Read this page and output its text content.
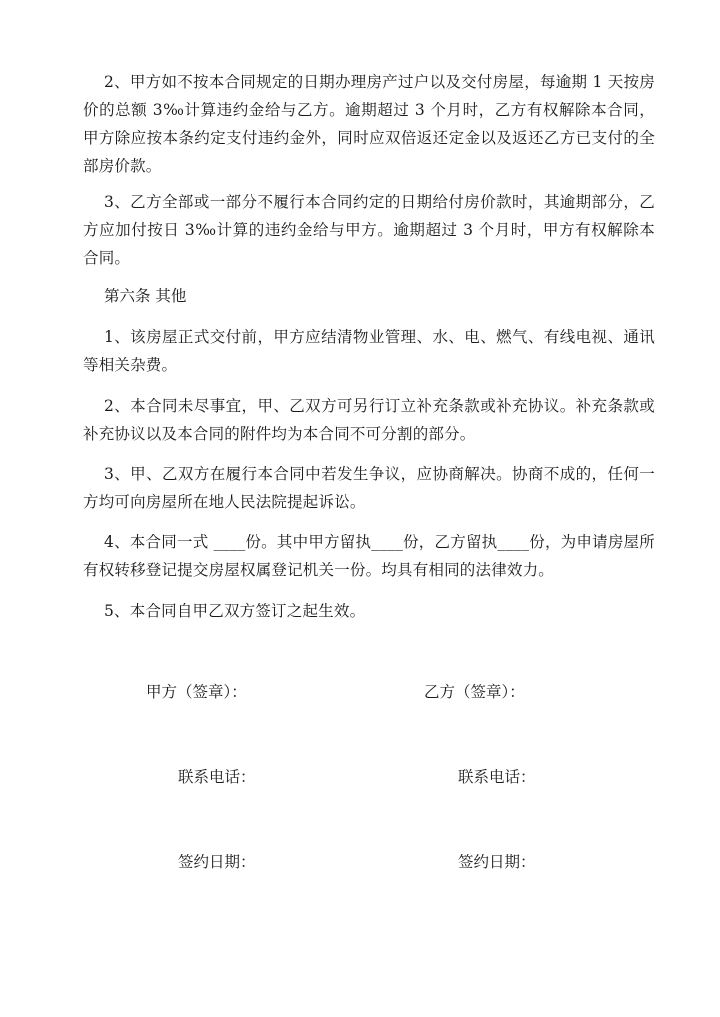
2、甲方如不按本合同规定的日期办理房产过户以及交付房屋，每逾期 1 天按房价的总额 3‰计算违约金给与乙方。逾期超过 3 个月时，乙方有权解除本合同，甲方除应按本条约定支付违约金外，同时应双倍返还定金以及返还乙方已支付的全部房价款。

3、乙方全部或一部分不履行本合同约定的日期给付房价款时，其逾期部分，乙方应加付按日 3‰计算的违约金给与甲方。逾期超过 3 个月时，甲方有权解除本合同。

第六条 其他

1、该房屋正式交付前，甲方应结清物业管理、水、电、燃气、有线电视、通讯等相关杂费。

2、本合同未尽事宜，甲、乙双方可另行订立补充条款或补充协议。补充条款或补充协议以及本合同的附件均为本合同不可分割的部分。

3、甲、乙双方在履行本合同中若发生争议，应协商解决。协商不成的，任何一方均可向房屋所在地人民法院提起诉讼。

4、本合同一式 ____份。其中甲方留执____份，乙方留执____份，为申请房屋所有权转移登记提交房屋权属登记机关一份。均具有相同的法律效力。

5、本合同自甲乙双方签订之起生效。

甲方（签章）：	乙方（签章）：

联系电话：	联系电话：

签约日期：	签约日期：
